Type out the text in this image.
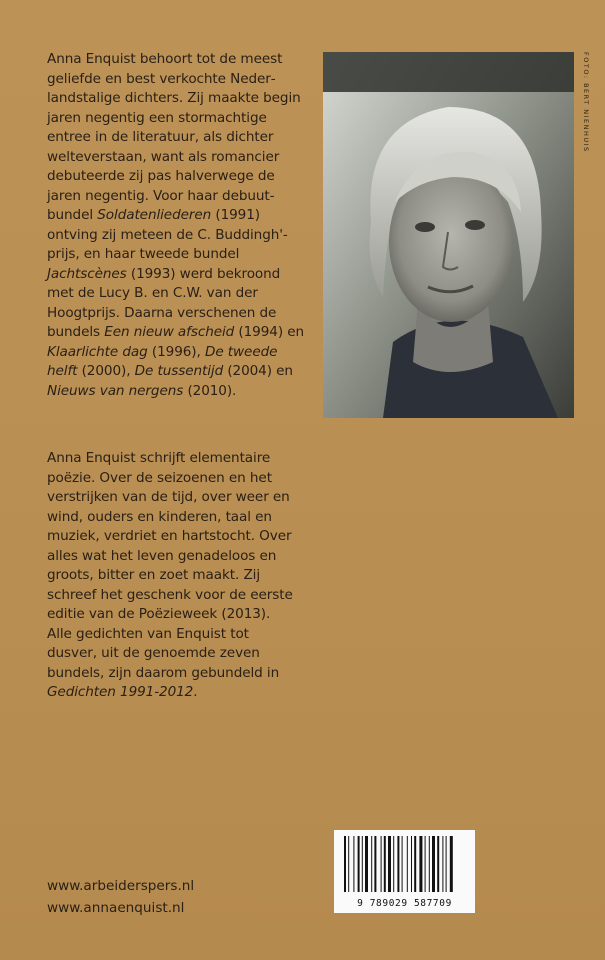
Anna Enquist behoort tot de meest geliefde en best verkochte Nederlandstalige dichters. Zij maakte begin jaren negentig een stormachtige entree in de literatuur, als dichter welteverstaan, want als romancier debuteerde zij pas halverwege de jaren negentig. Voor haar debuutbundel Soldatenliederen (1991) ontving zij meteen de C. Buddingh'-prijs, en haar tweede bundel Jachtscènes (1993) werd bekroond met de Lucy B. en C.W. van der Hoogtprijs. Daarna verschenen de bundels Een nieuw afscheid (1994) en Klaarlichte dag (1996), De tweede helft (2000), De tussentijd (2004) en Nieuws van nergens (2010).

Anna Enquist schrijft elementaire poëzie. Over de seizoenen en het verstrijken van de tijd, over weer en wind, ouders en kinderen, taal en muziek, verdriet en hartstocht. Over alles wat het leven genadeloos en groots, bitter en zoet maakt. Zij schreef het geschenk voor de eerste editie van de Poëzieweek (2013). Alle gedichten van Enquist tot dusver, uit de genoemde zeven bundels, zijn daarom gebundeld in Gedichten 1991-2012.

FOTO: BERT NIENHUIS
9 789029 587709
www.arbeiderspers.nl
www.annaenquist.nl
